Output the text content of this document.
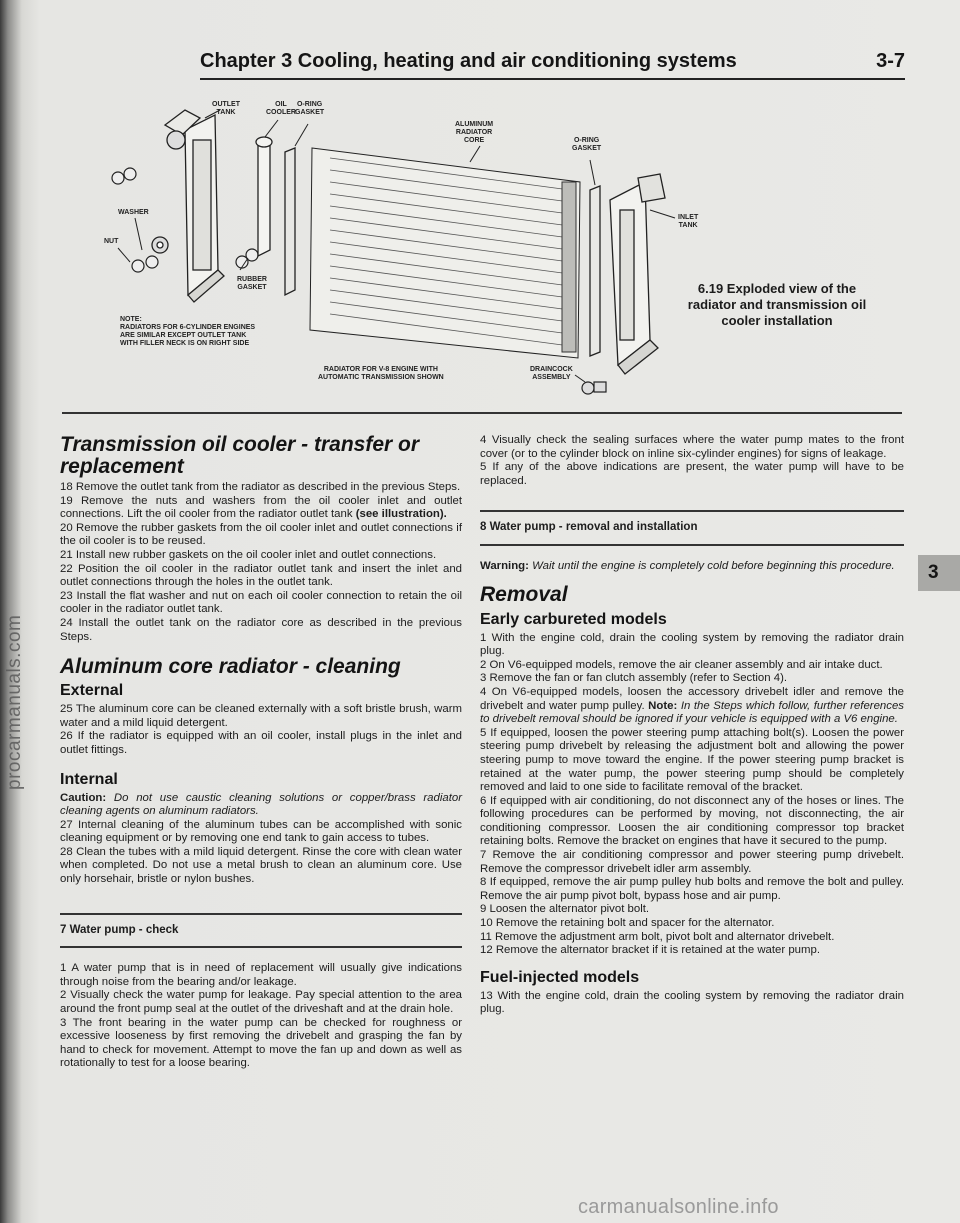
procarmanuals.com
Chapter 3 Cooling, heating and air conditioning systems	3-7
OUTLET
TANK
OIL
COOLER
O-RING
GASKET
ALUMINUM
RADIATOR
CORE	O-RING
GASKET
WASHER
NUT
RUBBER
GASKET
INLET
TANK
NOTE:
RADIATORS FOR 6-CYLINDER ENGINES
ARE SIMILAR EXCEPT OUTLET TANK
WITH FILLER NECK IS ON RIGHT SIDE
RADIATOR FOR V-8 ENGINE WITH
AUTOMATIC TRANSMISSION SHOWN
DRAINCOCK
ASSEMBLY
6.19 Exploded view of the radiator and transmission oil cooler installation
Transmission oil cooler - transfer or replacement

18 Remove the outlet tank from the radiator as described in the previous Steps.

19 Remove the nuts and washers from the oil cooler inlet and outlet connections. Lift the oil cooler from the radiator outlet tank (see illustration).

20 Remove the rubber gaskets from the oil cooler inlet and outlet connections if the oil cooler is to be reused.

21 Install new rubber gaskets on the oil cooler inlet and outlet connections.

22 Position the oil cooler in the radiator outlet tank and insert the inlet and outlet connections through the holes in the outlet tank.

23 Install the flat washer and nut on each oil cooler connection to retain the oil cooler in the radiator outlet tank.

24 Install the outlet tank on the radiator core as described in the previous Steps.

Aluminum core radiator - cleaning
External

25 The aluminum core can be cleaned externally with a soft bristle brush, warm water and a mild liquid detergent.

26 If the radiator is equipped with an oil cooler, install plugs in the inlet and outlet fittings.

Internal

Caution: Do not use caustic cleaning solutions or copper/brass radiator cleaning agents on aluminum radiators.

27 Internal cleaning of the aluminum tubes can be accomplished with sonic cleaning equipment or by removing one end tank to gain access to tubes.

28 Clean the tubes with a mild liquid detergent. Rinse the core with clean water when completed. Do not use a metal brush to clean an aluminum core. Use only horsehair, bristle or nylon bushes.

7 Water pump - check

1 A water pump that is in need of replacement will usually give indications through noise from the bearing and/or leakage.

2 Visually check the water pump for leakage. Pay special attention to the area around the front pump seal at the outlet of the driveshaft and at the drain hole.

3 The front bearing in the water pump can be checked for roughness or excessive looseness by first removing the drivebelt and grasping the fan by hand to check for movement. Attempt to move the fan up and down as well as rotationally to test for a loose bearing.

4 Visually check the sealing surfaces where the water pump mates to the front cover (or to the cylinder block on inline six-cylinder engines) for signs of leakage.

5 If any of the above indications are present, the water pump will have to be replaced.

8 Water pump - removal and installation

Warning: Wait until the engine is completely cold before beginning this procedure.

Removal
Early carbureted models

1 With the engine cold, drain the cooling system by removing the radiator drain plug.

2 On V6-equipped models, remove the air cleaner assembly and air intake duct.

3 Remove the fan or fan clutch assembly (refer to Section 4).

4 On V6-equipped models, loosen the accessory drivebelt idler and remove the drivebelt and water pump pulley. Note: In the Steps which follow, further references to drivebelt removal should be ignored if your vehicle is equipped with a V6 engine.

5 If equipped, loosen the power steering pump attaching bolt(s). Loosen the power steering pump drivebelt by releasing the adjustment bolt and allowing the power steering pump to move toward the engine. If the power steering pump bracket is retained at the water pump, the power steering pump should be completely removed and laid to one side to facilitate removal of the bracket.

6 If equipped with air conditioning, do not disconnect any of the hoses or lines. The following procedures can be performed by moving, not disconnecting, the air conditioning compressor. Loosen the air conditioning compressor top bracket retaining bolts. Remove the bracket on engines that have it secured to the pump.

7 Remove the air conditioning compressor and power steering pump drivebelt. Remove the compressor drivebelt idler arm assembly.

8 If equipped, remove the air pump pulley hub bolts and remove the bolt and pulley. Remove the air pump pivot bolt, bypass hose and air pump.

9 Loosen the alternator pivot bolt.

10 Remove the retaining bolt and spacer for the alternator.

11 Remove the adjustment arm bolt, pivot bolt and alternator drivebelt.

12 Remove the alternator bracket if it is retained at the water pump.

Fuel-injected models

13 With the engine cold, drain the cooling system by removing the radiator drain plug.

3
carmanualsonline.info
